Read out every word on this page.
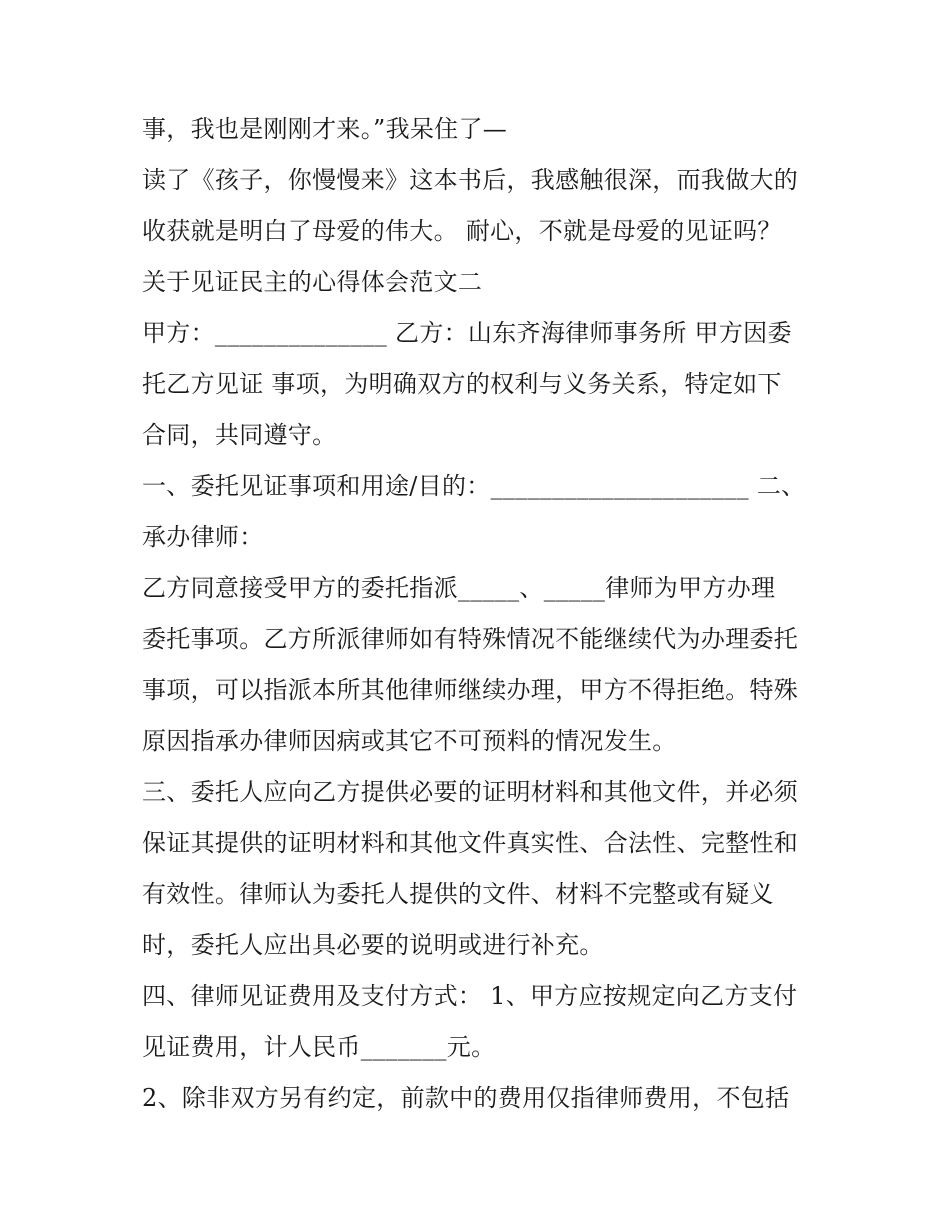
事，我也是刚刚才来。”我呆住了—
读了《孩子，你慢慢来》这本书后，我感触很深，而我做大的
收获就是明白了母爱的伟大。 耐心，不就是母爱的见证吗？
关于见证民主的心得体会范文二
甲方：______________ 乙方：山东齐海律师事务所 甲方因委
托乙方见证 事项，为明确双方的权利与义务关系，特定如下
合同，共同遵守。
一、委托见证事项和用途/目的：_____________________ 二、
承办律师：
乙方同意接受甲方的委托指派_____、_____律师为甲方办理
委托事项。乙方所派律师如有特殊情况不能继续代为办理委托
事项，可以指派本所其他律师继续办理，甲方不得拒绝。特殊
原因指承办律师因病或其它不可预料的情况发生。
三、委托人应向乙方提供必要的证明材料和其他文件，并必须
保证其提供的证明材料和其他文件真实性、合法性、完整性和
有效性。律师认为委托人提供的文件、材料不完整或有疑义
时，委托人应出具必要的说明或进行补充。
四、律师见证费用及支付方式： 1、甲方应按规定向乙方支付
见证费用，计人民币_______元。
2、除非双方另有约定，前款中的费用仅指律师费用，不包括
